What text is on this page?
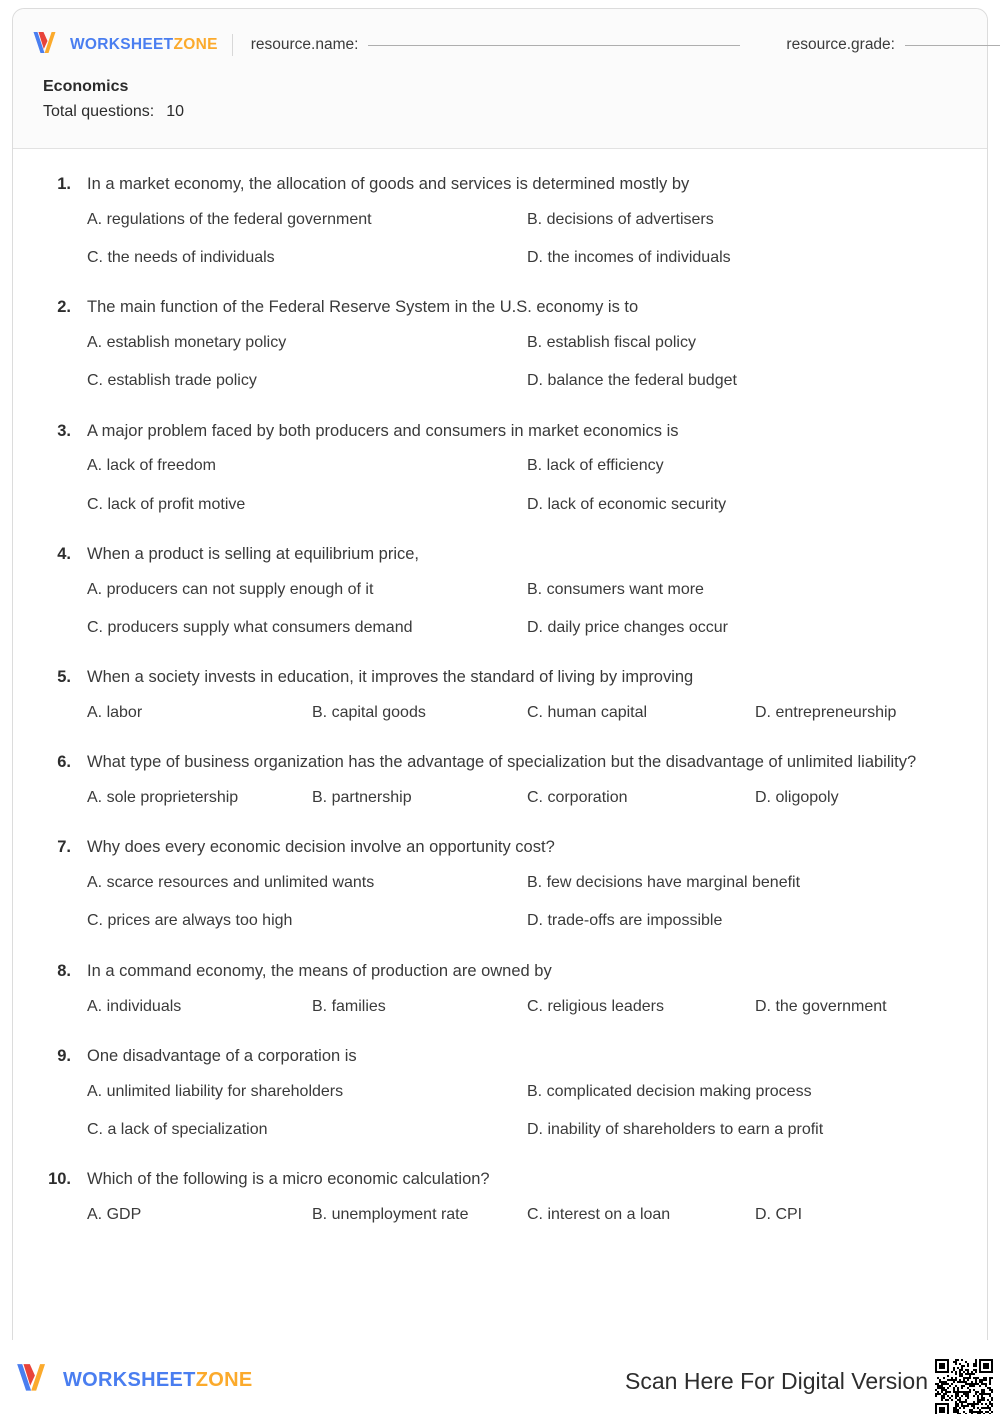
WORKSHEETZONE resource.name:	resource.grade:
Economics
Total questions: 10
1. In a market economy, the allocation of goods and services is determined mostly by
A. regulations of the federal government	B. decisions of advertisers
C. the needs of individuals	D. the incomes of individuals
2. The main function of the Federal Reserve System in the U.S. economy is to
A. establish monetary policy	B. establish fiscal policy
C. establish trade policy	D. balance the federal budget
3. A major problem faced by both producers and consumers in market economics is
A. lack of freedom	B. lack of efficiency
C. lack of profit motive	D. lack of economic security
4. When a product is selling at equilibrium price,
A. producers can not supply enough of it	B. consumers want more
C. producers supply what consumers demand	D. daily price changes occur
5. When a society invests in education, it improves the standard of living by improving
A. labor	B. capital goods	C. human capital	D. entrepreneurship
6. What type of business organization has the advantage of specialization but the disadvantage of unlimited liability?
A. sole proprietership	B. partnership	C. corporation	D. oligopoly
7. Why does every economic decision involve an opportunity cost?
A. scarce resources and unlimited wants	B. few decisions have marginal benefit
C. prices are always too high	D. trade-offs are impossible
8. In a command economy, the means of production are owned by
A. individuals	B. families	C. religious leaders	D. the government
9. One disadvantage of a corporation is
A. unlimited liability for shareholders	B. complicated decision making process
C. a lack of specialization	D. inability of shareholders to earn a profit
10. Which of the following is a micro economic calculation?
A. GDP	B. unemployment rate	C. interest on a loan	D. CPI
WORKSHEETZONE	Scan Here For Digital Version
